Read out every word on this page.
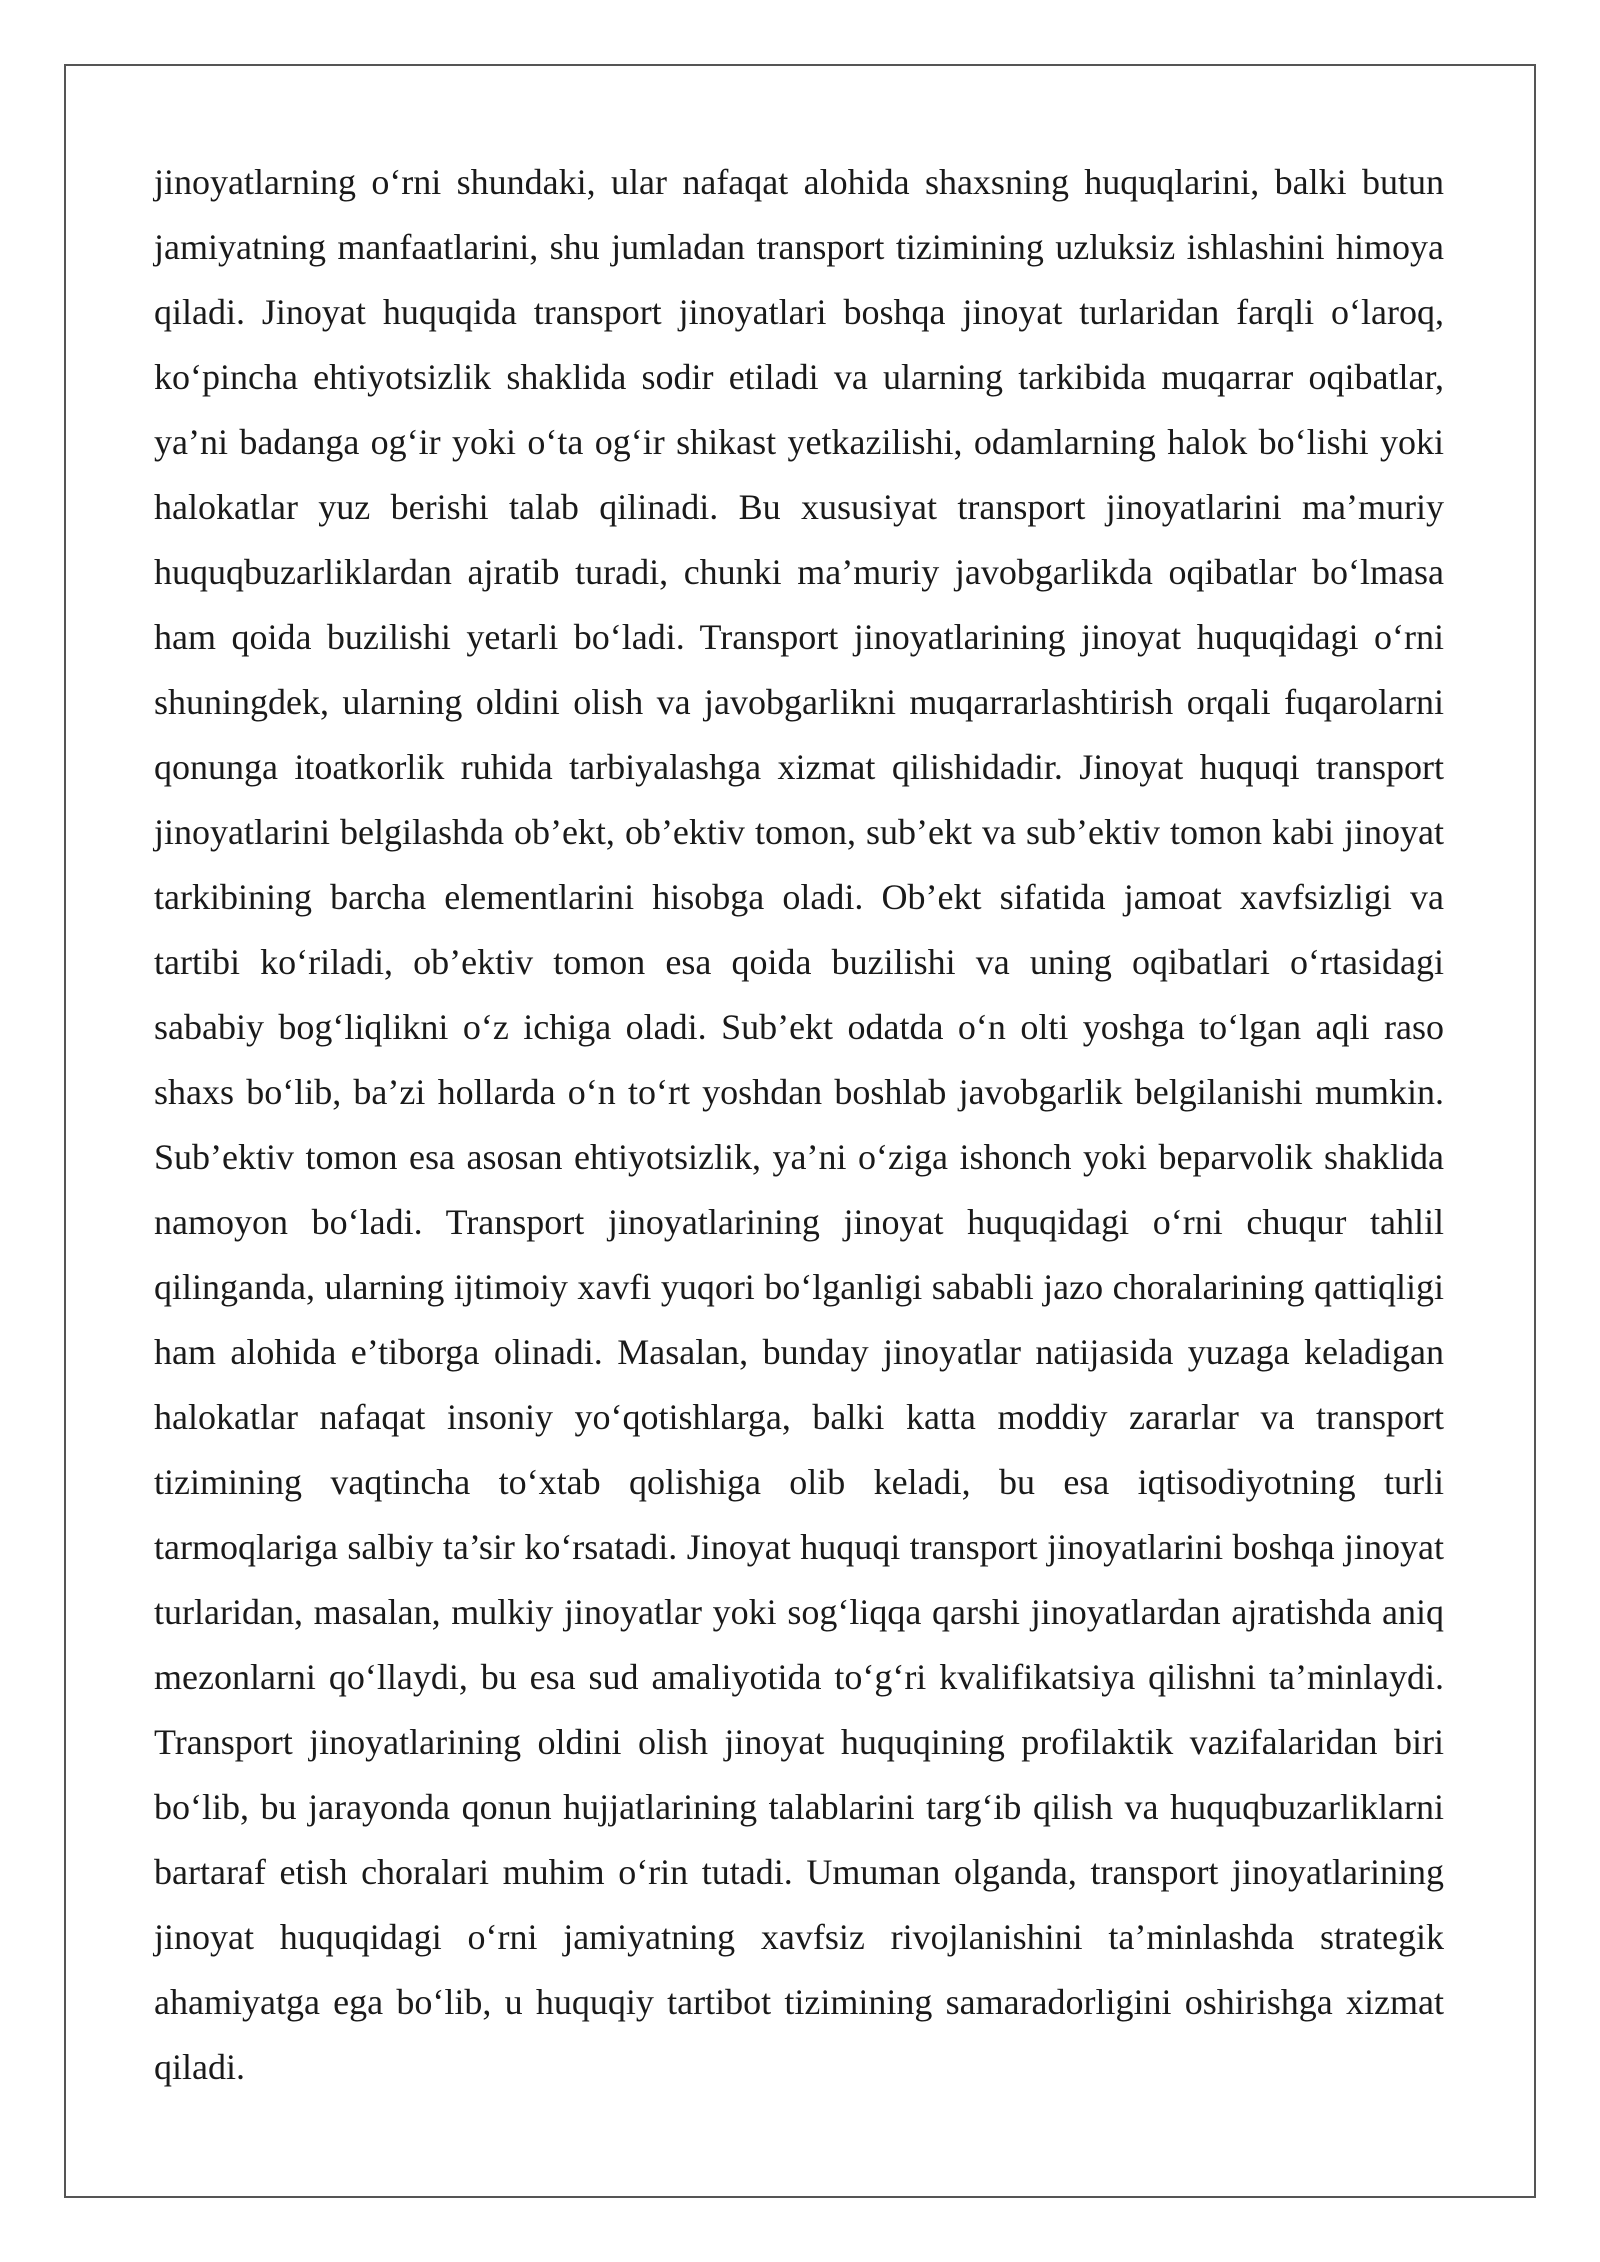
jinoyatlarning o‘rni shundaki, ular nafaqat alohida shaxsning huquqlarini, balki butun jamiyatning manfaatlarini, shu jumladan transport tizimining uzluksiz ishlashini himoya qiladi. Jinoyat huquqida transport jinoyatlari boshqa jinoyat turlaridan farqli o‘laroq, ko‘pincha ehtiyotsizlik shaklida sodir etiladi va ularning tarkibida muqarrar oqibatlar, ya’ni badanga og‘ir yoki o‘ta og‘ir shikast yetkazilishi, odamlarning halok bo‘lishi yoki halokatlar yuz berishi talab qilinadi. Bu xususiyat transport jinoyatlarini ma’muriy huquqbuzarliklardan ajratib turadi, chunki ma’muriy javobgarlikda oqibatlar bo‘lmasa ham qoida buzilishi yetarli bo‘ladi. Transport jinoyatlarining jinoyat huquqidagi o‘rni shuningdek, ularning oldini olish va javobgarlikni muqarrarlashtirish orqali fuqarolarni qonunga itoatkorlik ruhida tarbiyalashga xizmat qilishidadir. Jinoyat huquqi transport jinoyatlarini belgilashda ob’ekt, ob’ektiv tomon, sub’ekt va sub’ektiv tomon kabi jinoyat tarkibining barcha elementlarini hisobga oladi. Ob’ekt sifatida jamoat xavfsizligi va tartibi ko‘riladi, ob’ektiv tomon esa qoida buzilishi va uning oqibatlari o‘rtasidagi sababiy bog‘liqlikni o‘z ichiga oladi. Sub’ekt odatda o‘n olti yoshga to‘lgan aqli raso shaxs bo‘lib, ba’zi hollarda o‘n to‘rt yoshdan boshlab javobgarlik belgilanishi mumkin. Sub’ektiv tomon esa asosan ehtiyotsizlik, ya’ni o‘ziga ishonch yoki beparvolik shaklida namoyon bo‘ladi. Transport jinoyatlarining jinoyat huquqidagi o‘rni chuqur tahlil qilinganda, ularning ijtimoiy xavfi yuqori bo‘lganligi sababli jazo choralarining qattiqligi ham alohida e’tiborga olinadi. Masalan, bunday jinoyatlar natijasida yuzaga keladigan halokatlar nafaqat insoniy yo‘qotishlarga, balki katta moddiy zararlar va transport tizimining vaqtincha to‘xtab qolishiga olib keladi, bu esa iqtisodiyotning turli tarmoqlariga salbiy ta’sir ko‘rsatadi. Jinoyat huquqi transport jinoyatlarini boshqa jinoyat turlaridan, masalan, mulkiy jinoyatlar yoki sog‘liqqa qarshi jinoyatlardan ajratishda aniq mezonlarni qo‘llaydi, bu esa sud amaliyotida to‘g‘ri kvalifikatsiya qilishni ta’minlaydi. Transport jinoyatlarining oldini olish jinoyat huquqining profilaktik vazifalaridan biri bo‘lib, bu jarayonda qonun hujjatlarining talablarini targ‘ib qilish va huquqbuzarliklarni bartaraf etish choralari muhim o‘rin tutadi. Umuman olganda, transport jinoyatlarining jinoyat huquqidagi o‘rni jamiyatning xavfsiz rivojlanishini ta’minlashda strategik ahamiyatga ega bo‘lib, u huquqiy tartibot tizimining samaradorligini oshirishga xizmat qiladi.
